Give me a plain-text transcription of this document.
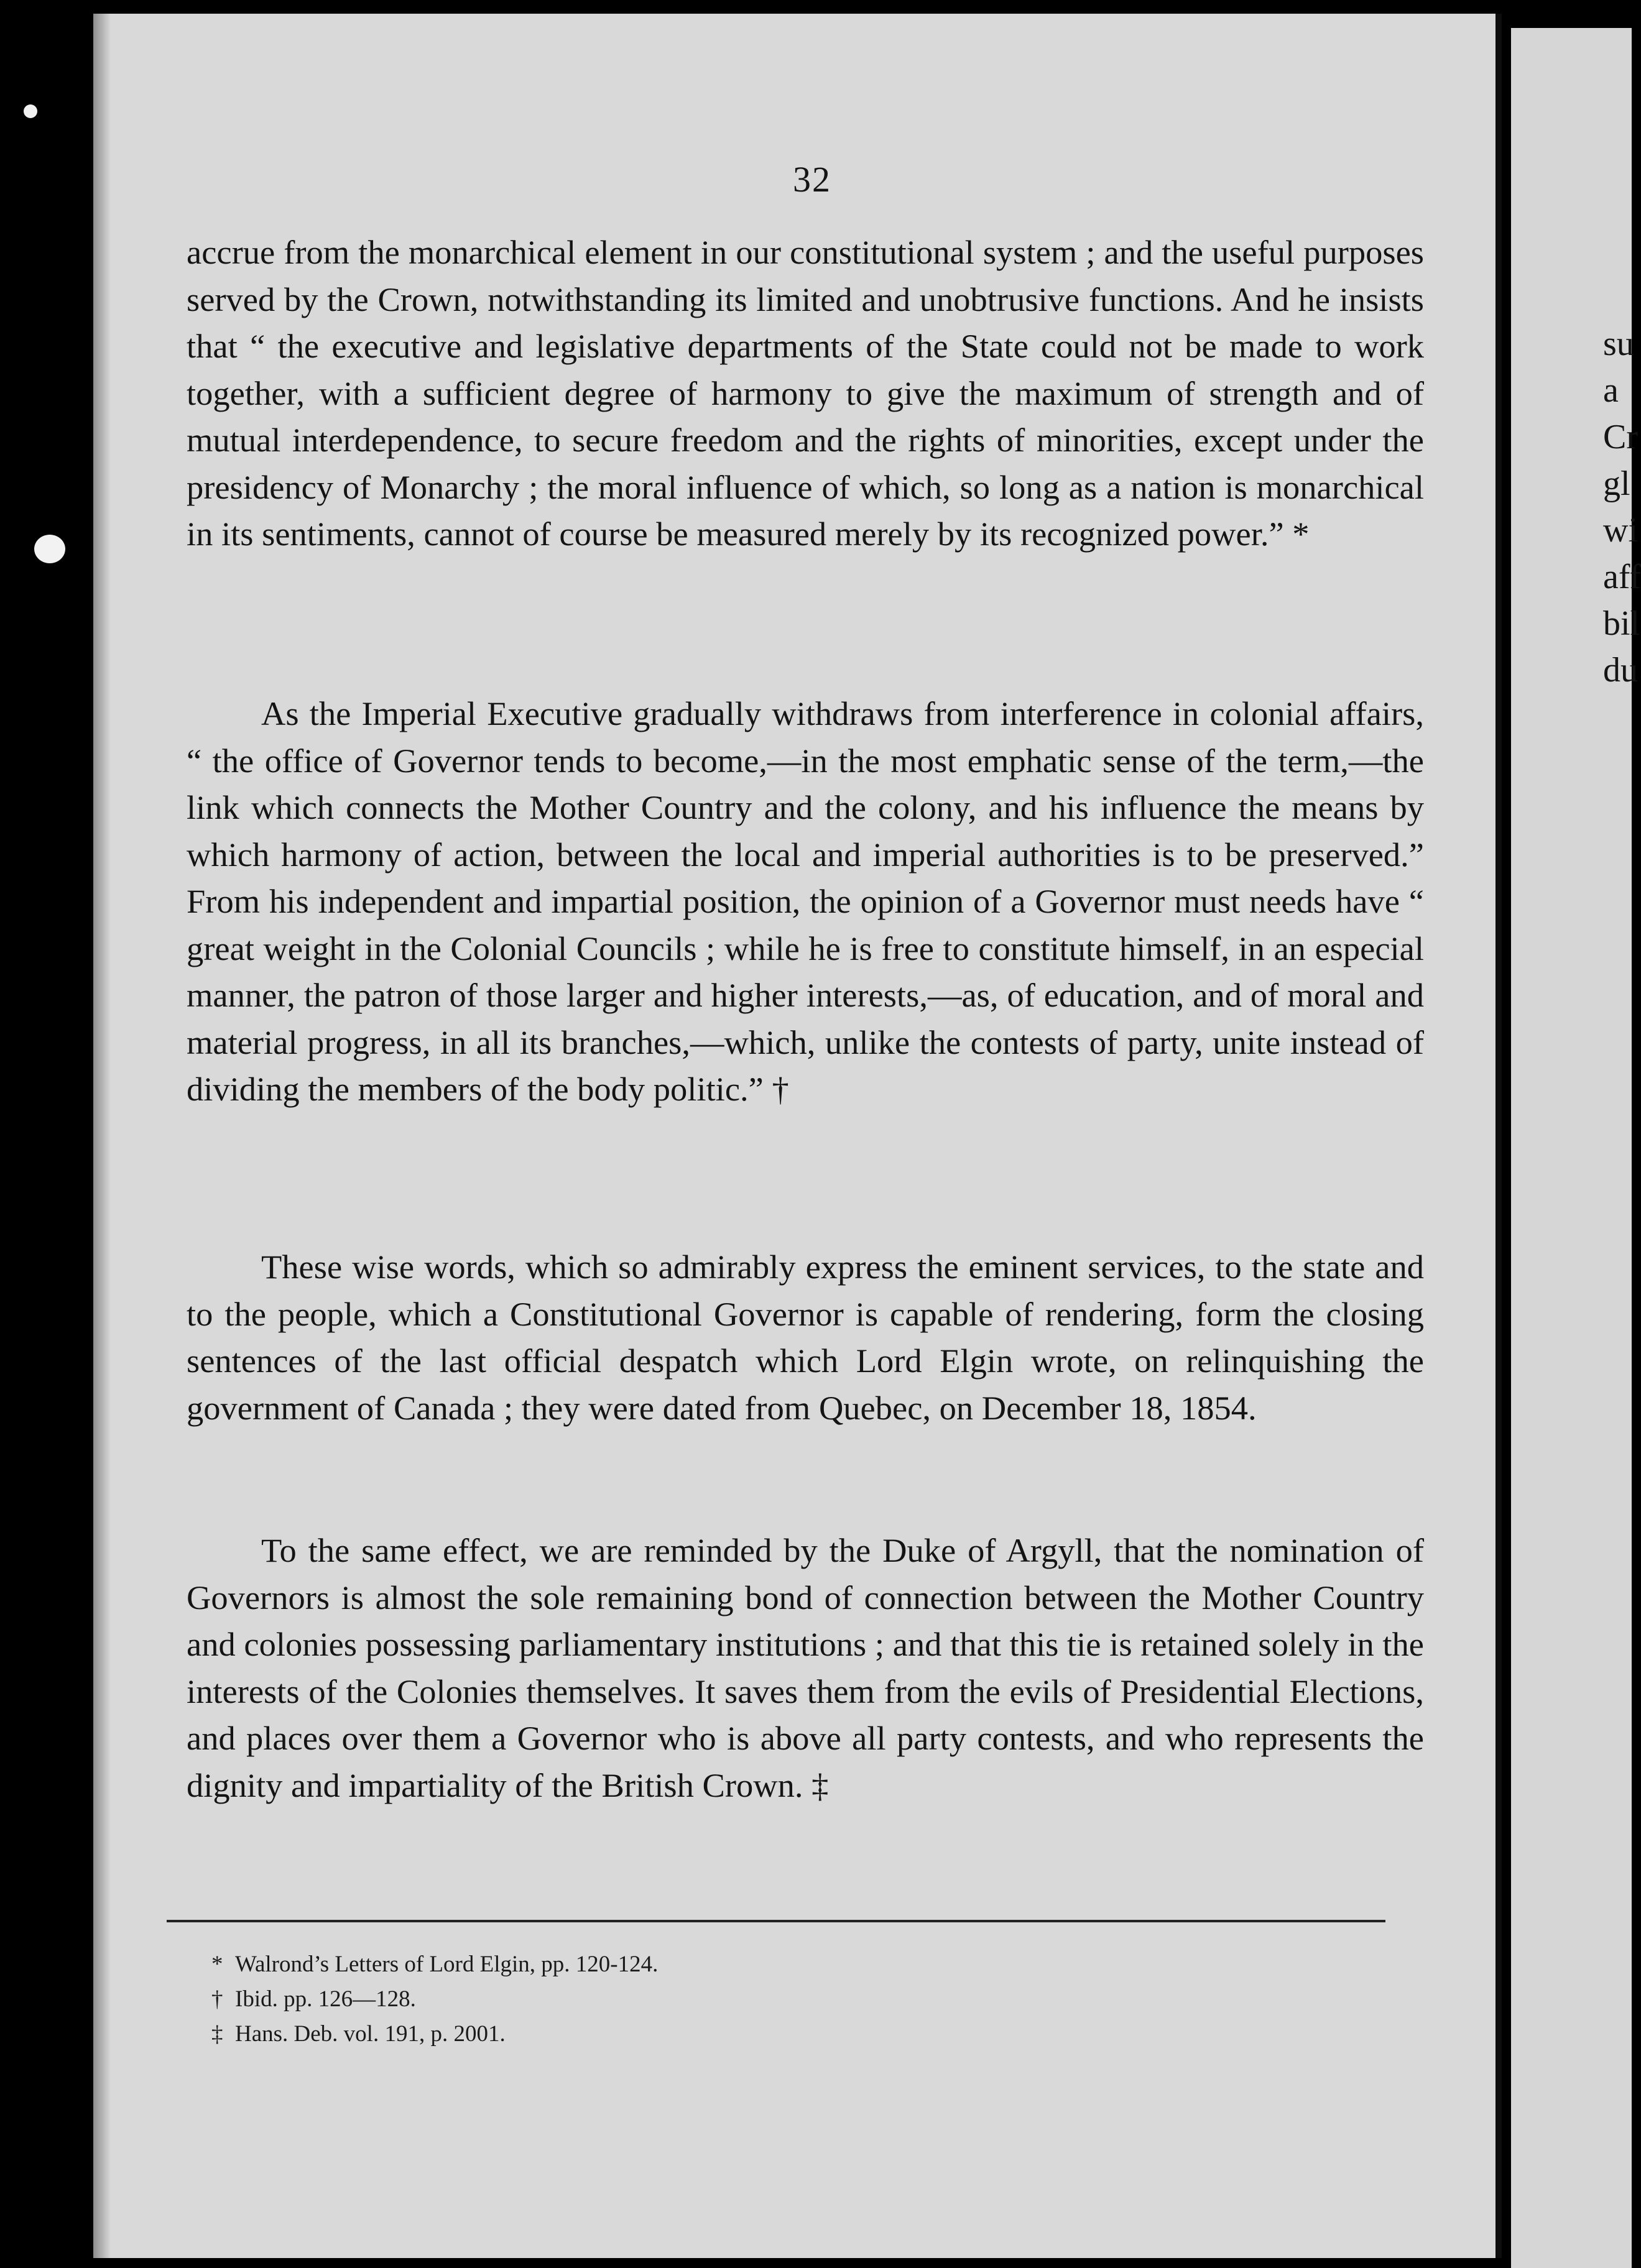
32

accrue from the monarchical element in our constitutional system ; and the useful purposes served by the Crown, notwithstanding its limited and unobtrusive functions. And he insists that “ the executive and legislative departments of the State could not be made to work together, with a sufficient degree of harmony to give the maximum of strength and of mutual interdependence, to secure freedom and the rights of minorities, except under the presidency of Monarchy ; the moral influence of which, so long as a nation is monarchical in its sentiments, cannot of course be measured merely by its recognized power.” *

As the Imperial Executive gradually withdraws from interference in colonial affairs, “ the office of Governor tends to become,—in the most emphatic sense of the term,—the link which connects the Mother Country and the colony, and his influence the means by which harmony of action, between the local and imperial authorities is to be preserved.” From his independent and impartial position, the opinion of a Governor must needs have “ great weight in the Colonial Councils ; while he is free to constitute himself, in an especial manner, the patron of those larger and higher interests,—as, of education, and of moral and material progress, in all its branches,—which, unlike the contests of party, unite instead of dividing the members of the body politic.” †

These wise words, which so admirably express the eminent services, to the state and to the people, which a Constitutional Governor is capable of rendering, form the closing sentences of the last official despatch which Lord Elgin wrote, on relinquishing the government of Canada ; they were dated from Quebec, on December 18, 1854.

To the same effect, we are reminded by the Duke of Argyll, that the nomination of Governors is almost the sole remaining bond of connection between the Mother Country and colonies possessing parliamentary institutions ; and that this tie is retained solely in the interests of the Colonies themselves. It saves them from the evils of Presidential Elections, and places over them a Governor who is above all party contests, and who represents the dignity and impartiality of the British Crown. ‡

* Walrond’s Letters of Lord Elgin, pp. 120-124.
† Ibid. pp. 126—128.
‡ Hans. Deb. vol. 191, p. 2001.
su
a
Cr
gl
wi
aff
bil
du
